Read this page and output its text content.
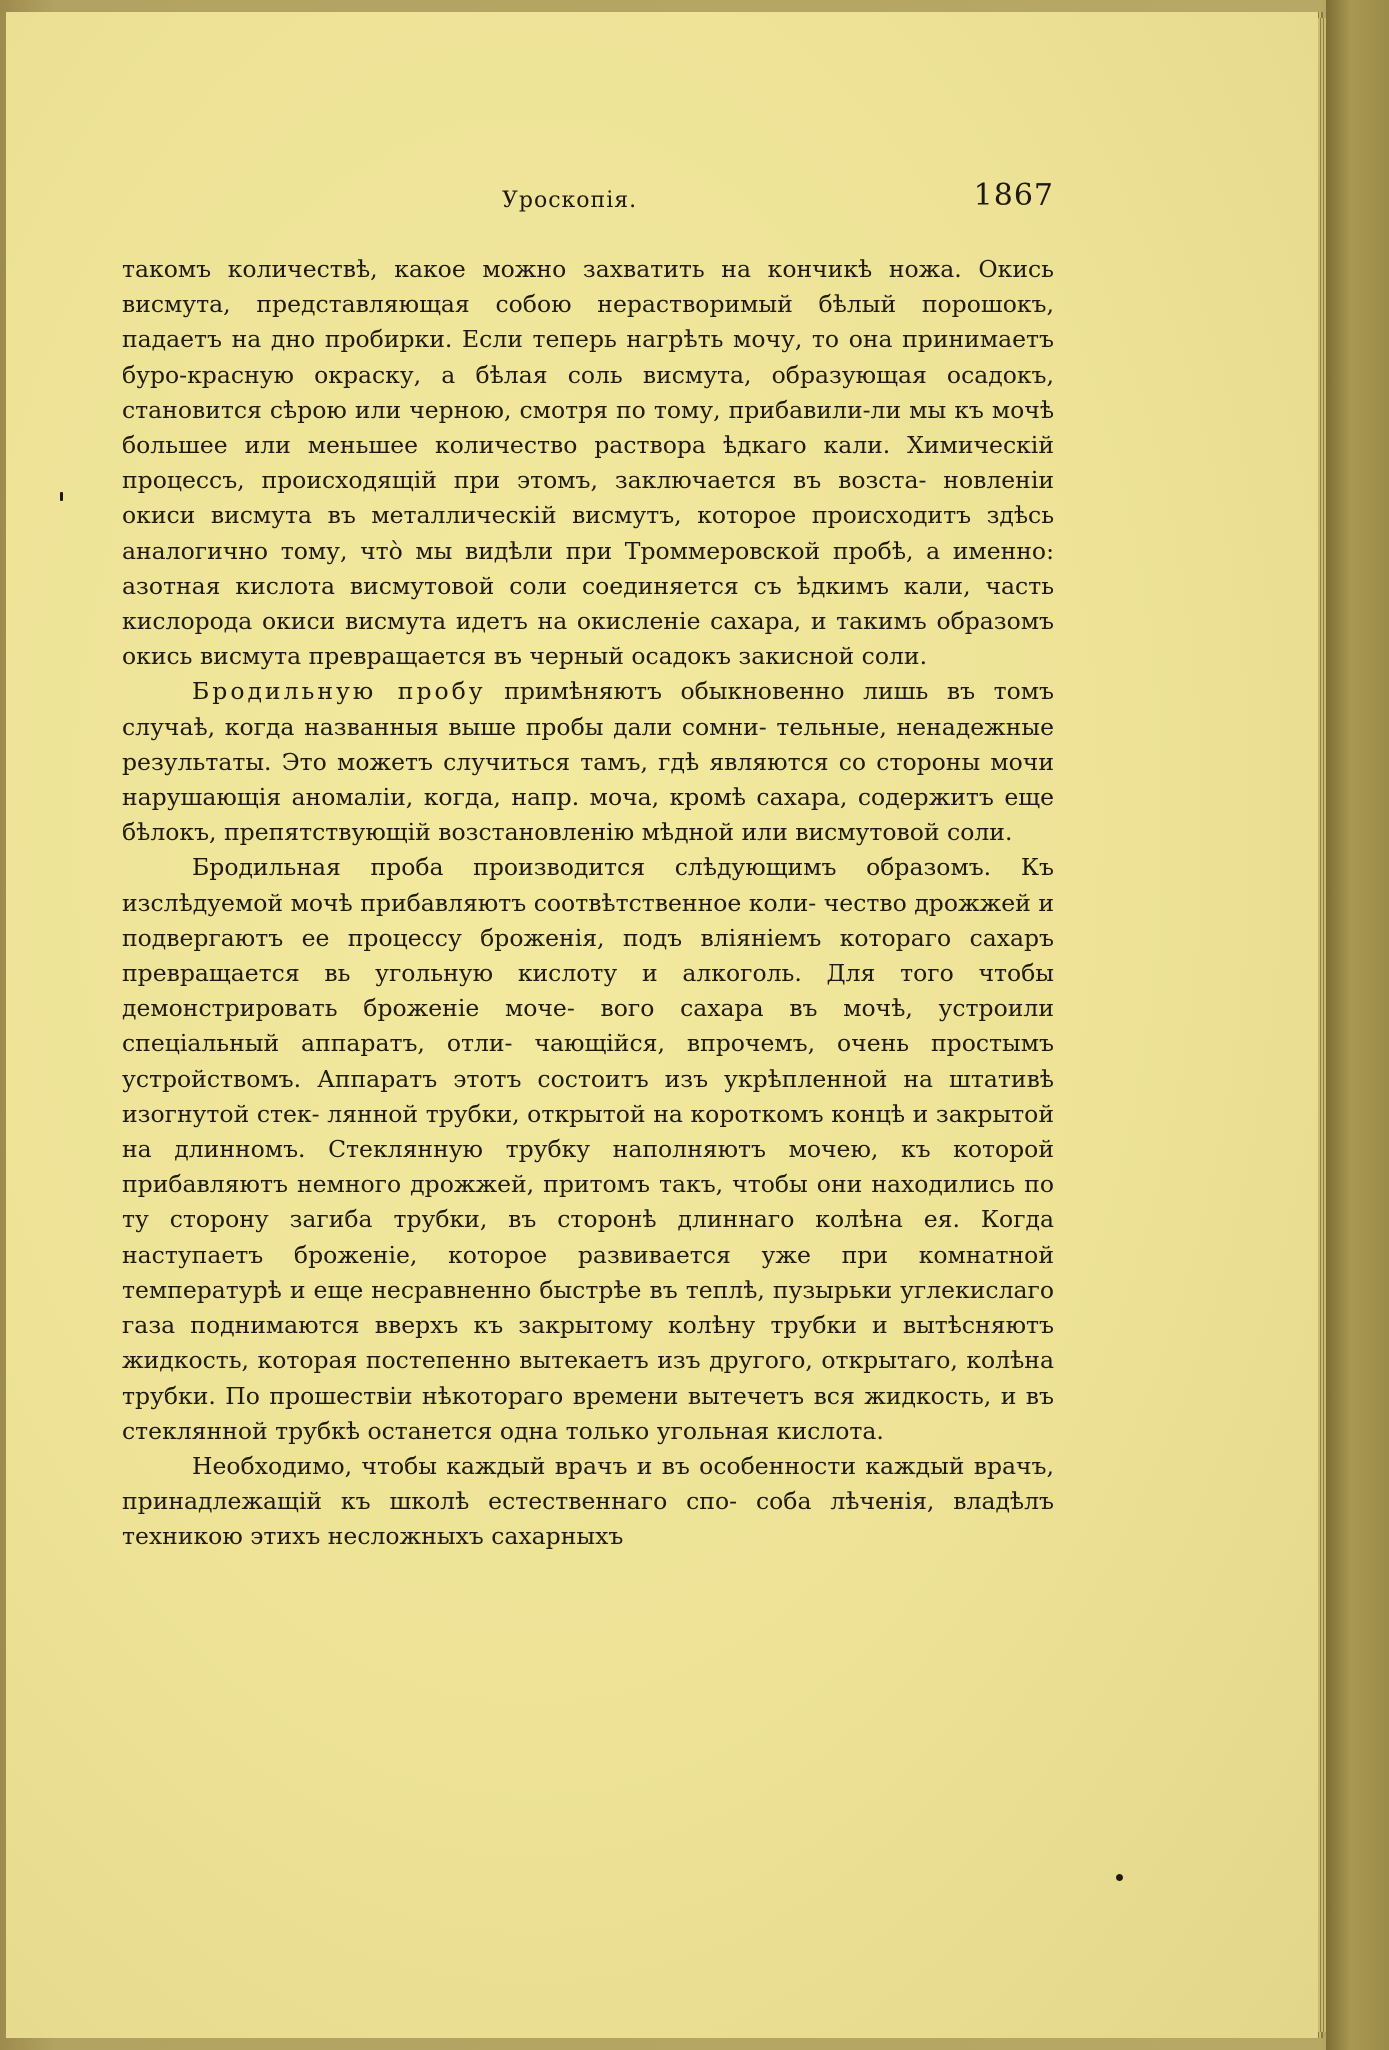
Уроскопія.	1867

такомъ количествѣ, какое можно захватить на кончикѣ ножа. Окись висмута, представляющая собою нерастворимый бѣлый порошокъ, падаетъ на дно пробирки. Если теперь нагрѣть мочу, то она принимаетъ буро-красную окраску, а бѣлая соль висмута, образующая осадокъ, становится сѣрою или черною, смотря по тому, прибавили-ли мы къ мочѣ большее или меньшее количество раствора ѣдкаго кали. Химическій процессъ, происходящій при этомъ, заключается въ возста- новленіи окиси висмута въ металлическій висмутъ, которое происходитъ здѣсь аналогично тому, что̀ мы видѣли при Троммеровской пробѣ, а именно: азотная кислота висмутовой соли соединяется съ ѣдкимъ кали, часть кислорода окиси висмута идетъ на окисленіе сахара, и такимъ образомъ окись висмута превращается въ черный осадокъ закисной соли.

Бродильную пробу примѣняютъ обыкновенно лишь въ томъ случаѣ, когда названныя выше пробы дали сомни- тельные, ненадежные результаты. Это можетъ случиться тамъ, гдѣ являются со стороны мочи нарушающія аномаліи, когда, напр. моча, кромѣ сахара, содержитъ еще бѣлокъ, препятствующій возстановленію мѣдной или висмутовой соли.

Бродильная проба производится слѣдующимъ образомъ. Къ изслѣдуемой мочѣ прибавляютъ соотвѣтственное коли- чество дрожжей и подвергаютъ ее процессу броженія, подъ вліяніемъ котораго сахаръ превращается вь угольную кислоту и алкоголь. Для того чтобы демонстрировать броженіе моче- вого сахара въ мочѣ, устроили спеціальный аппаратъ, отли- чающійся, впрочемъ, очень простымъ устройствомъ. Аппаратъ этотъ состоитъ изъ укрѣпленной на штативѣ изогнутой стек- лянной трубки, открытой на короткомъ концѣ и закрытой на длинномъ. Стеклянную трубку наполняютъ мочею, къ которой прибавляютъ немного дрожжей, притомъ такъ, чтобы они находились по ту сторону загиба трубки, въ сторонѣ длиннаго колѣна ея. Когда наступаетъ броженіе, которое развивается уже при комнатной температурѣ и еще несравненно быстрѣе въ теплѣ, пузырьки углекислаго газа поднимаются вверхъ къ закрытому колѣну трубки и вытѣсняютъ жидкость, которая постепенно вытекаетъ изъ другого, открытаго, колѣна трубки. По прошествіи нѣкотораго времени вытечетъ вся жидкость, и въ стеклянной трубкѣ останется одна только угольная кислота.

Необходимо, чтобы каждый врачъ и въ особенности каждый врачъ, принадлежащій къ школѣ естественнаго спо- соба лѣченія, владѣлъ техникою этихъ несложныхъ сахарныхъ
